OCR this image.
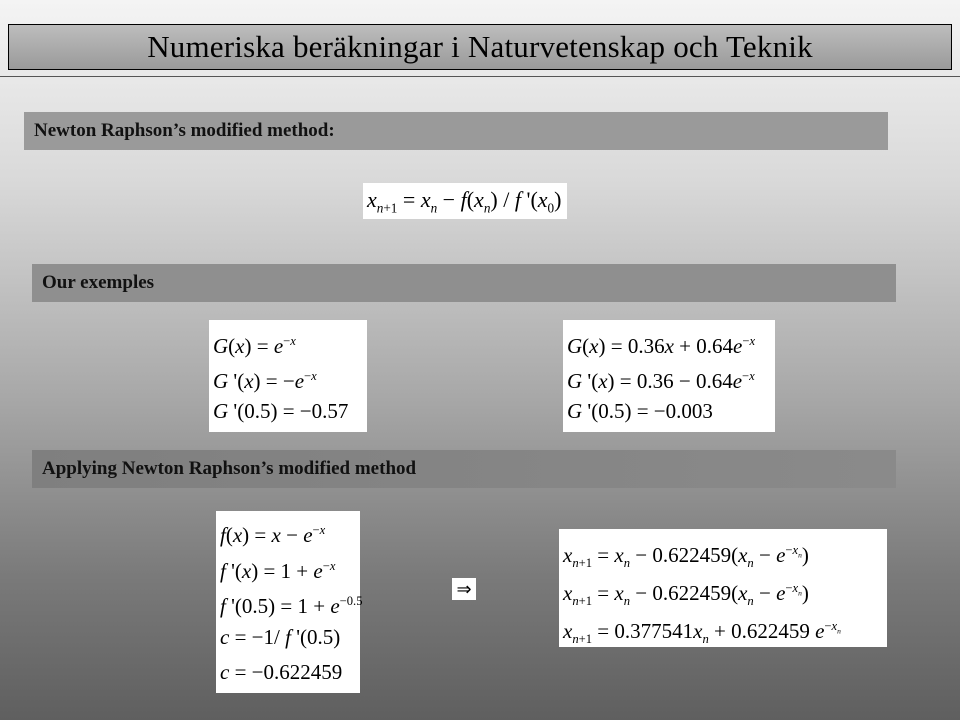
Numeriska beräkningar i Naturvetenskap och Teknik
Newton Raphson’s modified method:
$x_{n+1} = x_n - f(x_n) / f$ '$(x_0)$
Our exemples
$G(x) = e^{-x}$
G '$(x) = -e^{-x}$
G '(0.5) = −0.57
$G(x) = 0.36x + 0.64e^{-x}$
G '$(x) = 0.36 - 0.64e^{-x}$
G '(0.5) = −0.003
Applying Newton Raphson’s modified method
$f(x) = x - e^{-x}$
f '$(x) = 1 + e^{-x}$
f '$(0.5) = 1 + e^{-0.5}$
c = −1/ f '(0.5)
c = −0.622459
⇒
$x_{n+1} = x_n - 0.622459(x_n - e^{-x_n})$
$x_{n+1} = x_n - 0.622459(x_n - e^{-x_n})$
$x_{n+1} = 0.377541x_n + 0.622459$ $e^{-x_n}$
